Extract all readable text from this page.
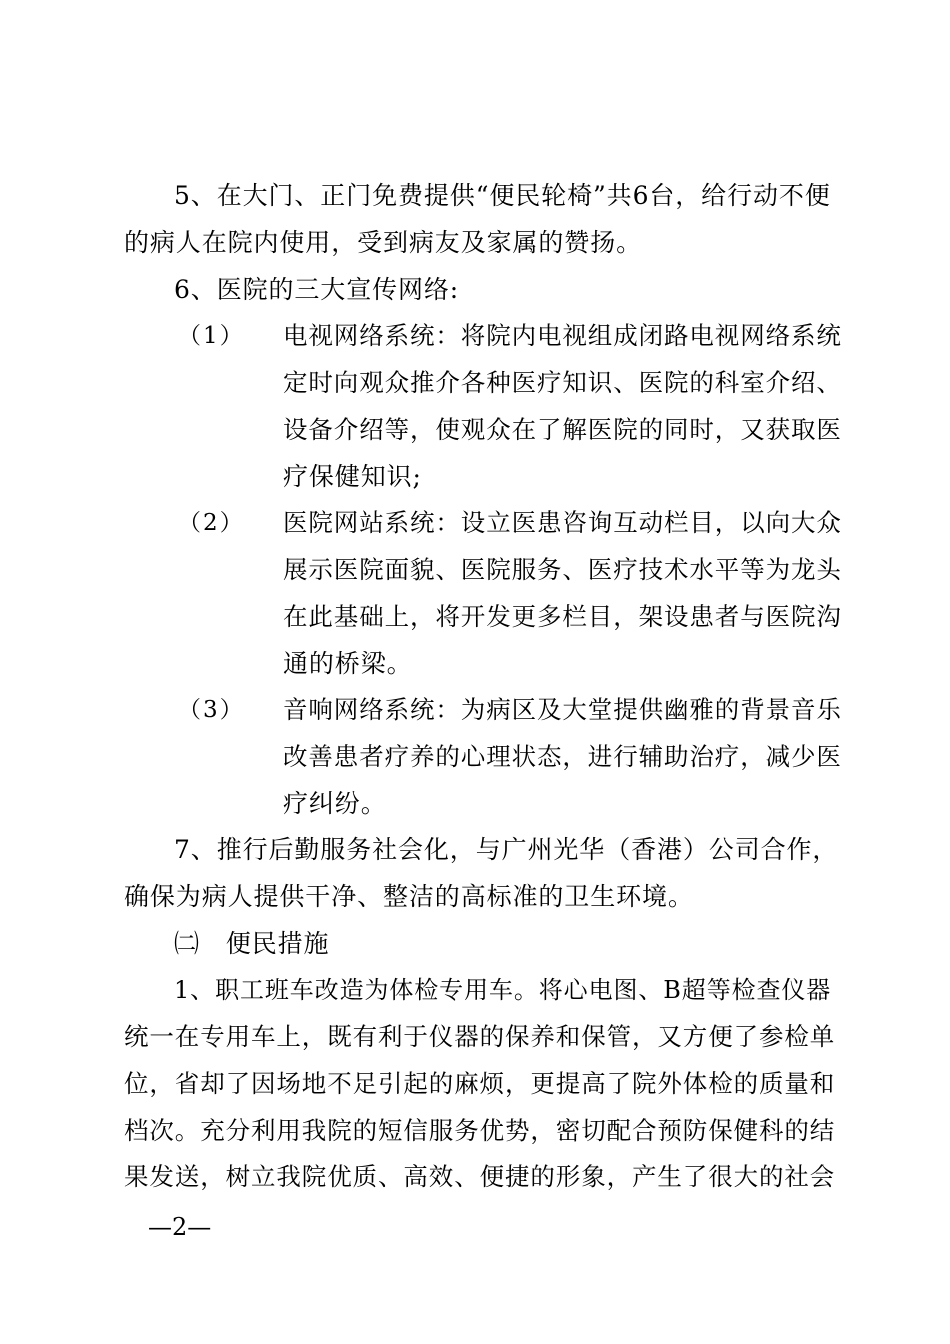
5、在大门、正门免费提供“便民轮椅”共6台，给行动不便
的病人在院内使用，受到病友及家属的赞扬。
6、医院的三大宣传网络:
（1） 电视网络系统：将院内电视组成闭路电视网络系统
定时向观众推介各种医疗知识、医院的科室介绍、
设备介绍等，使观众在了解医院的同时，又获取医
疗保健知识;
（2） 医院网站系统：设立医患咨询互动栏目，以向大众
展示医院面貌、医院服务、医疗技术水平等为龙头
在此基础上，将开发更多栏目，架设患者与医院沟
通的桥梁。
（3） 音响网络系统：为病区及大堂提供幽雅的背景音乐
改善患者疗养的心理状态，进行辅助治疗，减少医
疗纠纷。
7、推行后勤服务社会化，与广州光华（香港）公司合作，
确保为病人提供干净、整洁的高标准的卫生环境。
㈡　便民措施
1、职工班车改造为体检专用车。将心电图、B超等检查仪器
统一在专用车上，既有利于仪器的保养和保管，又方便了参检单
位，省却了因场地不足引起的麻烦，更提高了院外体检的质量和
档次。充分利用我院的短信服务优势，密切配合预防保健科的结
果发送，树立我院优质、高效、便捷的形象，产生了很大的社会
—2—
